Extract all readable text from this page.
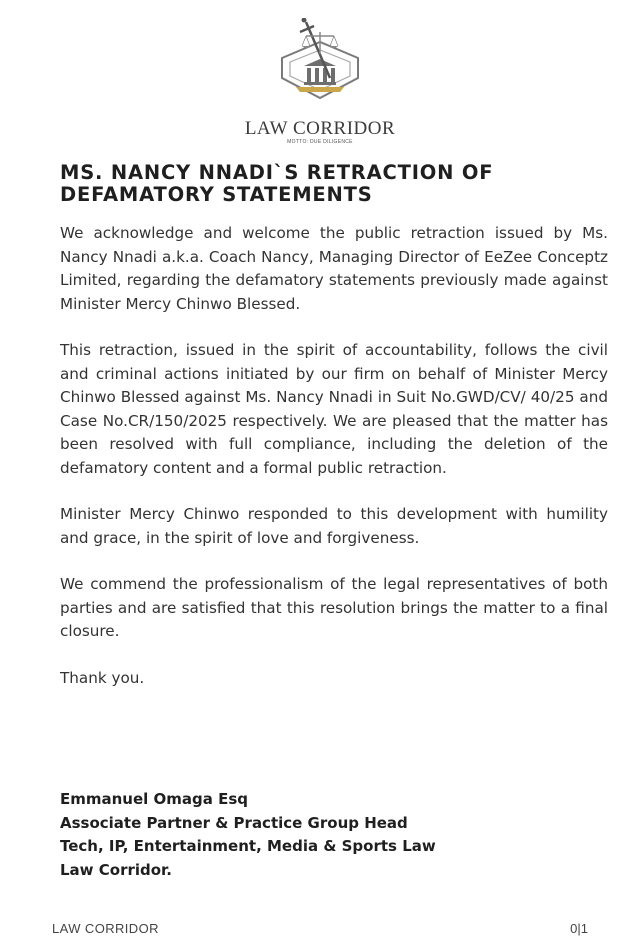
LAW CORRIDOR
MOTTO: DUE DILIGENCE
MS. NANCY NNADI`S RETRACTION OF DEFAMATORY STATEMENTS

We acknowledge and welcome the public retraction issued by Ms. Nancy Nnadi a.k.a. Coach Nancy, Managing Director of EeZee Conceptz Limited, regarding the defamatory statements previously made against Minister Mercy Chinwo Blessed.

This retraction, issued in the spirit of accountability, follows the civil and criminal actions initiated by our firm on behalf of Minister Mercy Chinwo Blessed against Ms. Nancy Nnadi in Suit No.GWD/CV/ 40/25 and Case No.CR/150/2025 respectively. We are pleased that the matter has been resolved with full compliance, including the deletion of the defamatory content and a formal public retraction.

Minister Mercy Chinwo responded to this development with humility and grace, in the spirit of love and forgiveness.

We commend the professionalism of the legal representatives of both parties and are satisfied that this resolution brings the matter to a final closure.

Thank you.

Emmanuel Omaga Esq
Associate Partner & Practice Group Head
Tech, IP, Entertainment, Media & Sports Law
Law Corridor.
LAW CORRIDOR	0|1
